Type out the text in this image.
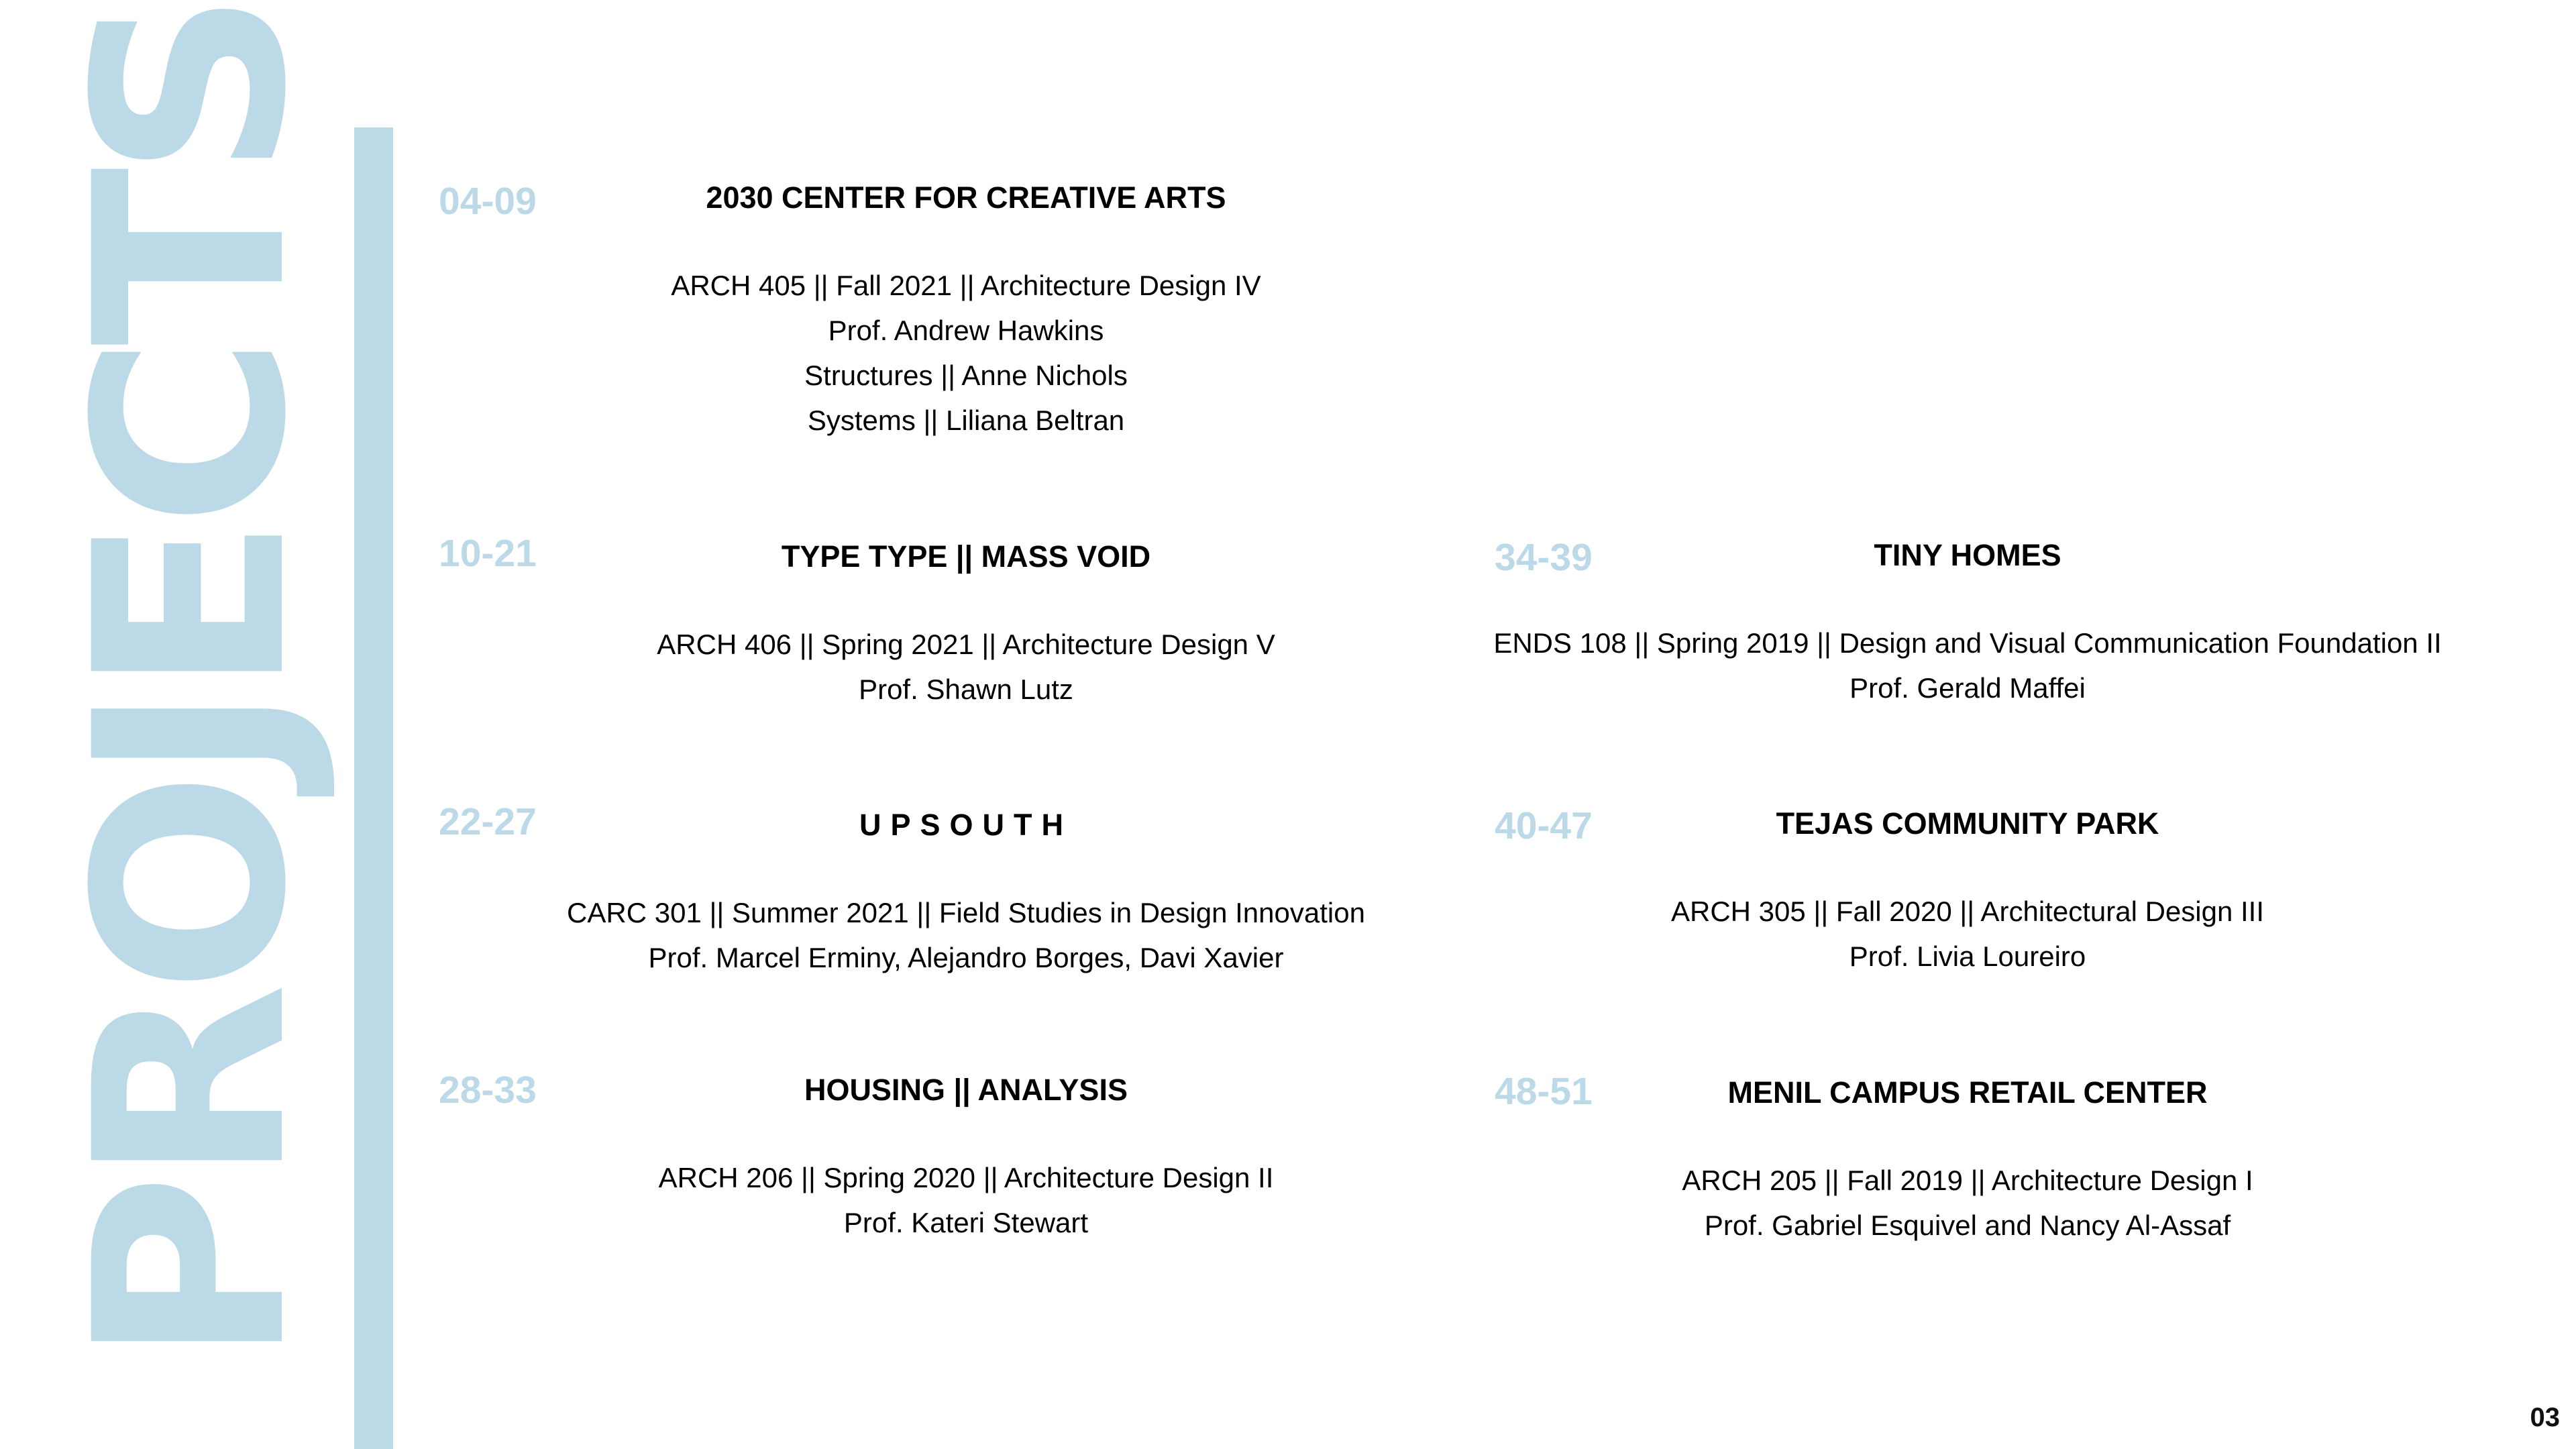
PROJECTS 04-09	2030 CENTER FOR CREATIVE ARTS
ARCH 405 || Fall 2021 || Architecture Design IV
Prof. Andrew Hawkins
Structures || Anne Nichols
Systems || Liliana Beltran
10-21	TYPE TYPE || MASS VOID
ARCH 406 || Spring 2021 || Architecture Design V
Prof. Shawn Lutz
22-27	UPSOUTH
CARC 301 || Summer 2021 || Field Studies in Design Innovation
Prof. Marcel Erminy, Alejandro Borges, Davi Xavier
28-33	HOUSING || ANALYSIS
ARCH 206 || Spring 2020 || Architecture Design II
Prof. Kateri Stewart
34-39	TINY HOMES
ENDS 108 || Spring 2019 || Design and Visual Communication Foundation II
Prof. Gerald Maffei
40-47	TEJAS COMMUNITY PARK
ARCH 305 || Fall 2020 || Architectural Design III
Prof. Livia Loureiro
48-51	MENIL CAMPUS RETAIL CENTER
ARCH 205 || Fall 2019 || Architecture Design I
Prof. Gabriel Esquivel and Nancy Al-Assaf
03
